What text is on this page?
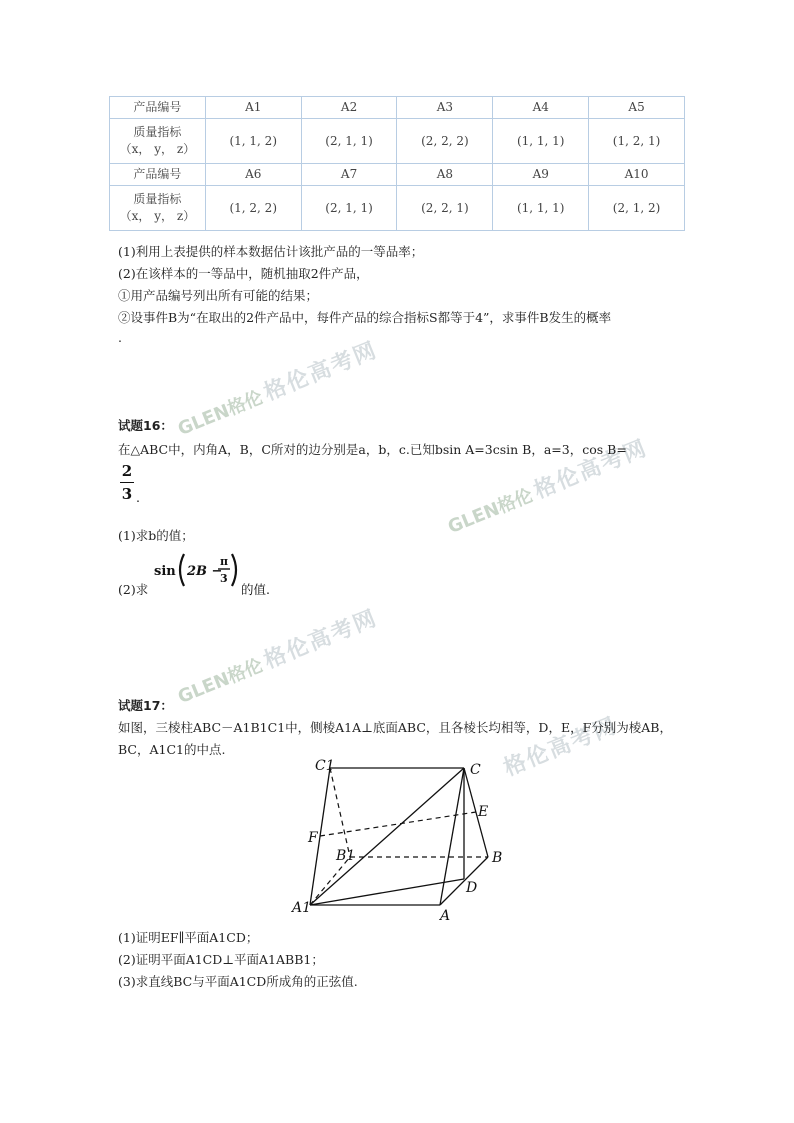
GLEN格伦 格伦高考网
GLEN格伦 格伦高考网
GLEN格伦 格伦高考网
格伦高考网
产品编号	A1	A2	A3	A4	A5

质量指标
（x， y， z）	(1, 1, 2)	(2, 1, 1)	(2, 2, 2)	(1, 1, 1)	(1, 2, 1)
产品编号	A6	A7	A8	A9	A10

质量指标
（x， y， z）	(1, 2, 2)	(2, 1, 1)	(2, 2, 1)	(1, 1, 1)	(2, 1, 2)
(1)利用上表提供的样本数据估计该批产品的一等品率；
(2)在该样本的一等品中，随机抽取2件产品，
①用产品编号列出所有可能的结果；
②设事件B为“在取出的2件产品中，每件产品的综合指标S都等于4”，求事件B发生的概率
.
试题16：
在△ABC中，内角A，B，C所对的边分别是a，b，c.已知bsin A=3csin B，a=3，cos B=
2
3 .
(1)求b的值；
(2)求
sin 2B −
π
3
的值.
试题17：
如图，三棱柱ABC－A1B1C1中，侧棱A1A⊥底面ABC，且各棱长均相等，D，E，F分别为棱AB，
BC，A1C1的中点.
C1	C
E
F
B1	B
D
A1	A
(1)证明EF∥平面A1CD；
(2)证明平面A1CD⊥平面A1ABB1；
(3)求直线BC与平面A1CD所成角的正弦值.
